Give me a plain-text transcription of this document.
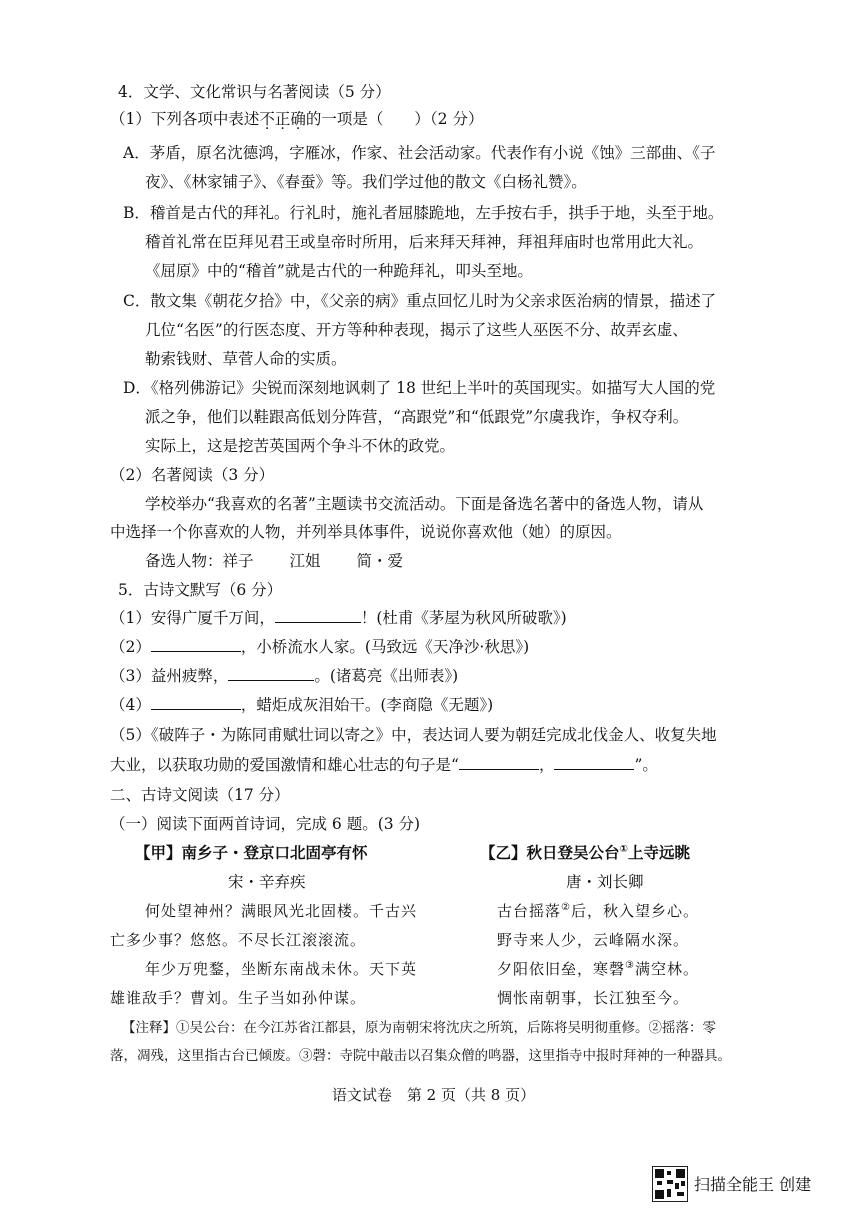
4．文学、文化常识与名著阅读（5 分）
（1）下列各项中表述不正确的一项是（　　）（2 分）
A．茅盾，原名沈德鸿，字雁冰，作家、社会活动家。代表作有小说《蚀》三部曲、《子
夜》、《林家铺子》、《春蚕》等。我们学过他的散文《白杨礼赞》。
B．稽首是古代的拜礼。行礼时，施礼者屈膝跪地，左手按右手，拱手于地，头至于地。
稽首礼常在臣拜见君王或皇帝时所用，后来拜天拜神，拜祖拜庙时也常用此大礼。
《屈原》中的“稽首”就是古代的一种跪拜礼，叩头至地。
C．散文集《朝花夕拾》中，《父亲的病》重点回忆儿时为父亲求医治病的情景，描述了
几位“名医”的行医态度、开方等种种表现，揭示了这些人巫医不分、故弄玄虚、
勒索钱财、草菅人命的实质。
D．《格列佛游记》尖锐而深刻地讽刺了 18 世纪上半叶的英国现实。如描写大人国的党
派之争，他们以鞋跟高低划分阵营，“高跟党”和“低跟党”尔虞我诈，争权夺利。
实际上，这是挖苦英国两个争斗不休的政党。
（2）名著阅读（3 分）
学校举办“我喜欢的名著”主题读书交流活动。下面是备选名著中的备选人物，请从
中选择一个你喜欢的人物，并列举具体事件，说说你喜欢他（她）的原因。
备选人物：祥子 江姐 简・爱
5．古诗文默写（6 分）
（1）安得广厦千万间，	！(杜甫《茅屋为秋风所破歌》)
（2）	，小桥流水人家。(马致远《天净沙·秋思》)
（3）益州疲弊，	。(诸葛亮《出师表》)
（4）	，蜡炬成灰泪始干。(李商隐《无题》)
（5）《破阵子・为陈同甫赋壮词以寄之》中，表达词人要为朝廷完成北伐金人、收复失地
大业，以获取功勋的爱国激情和雄心壮志的句子是“	，	”。
二、古诗文阅读（17 分）
（一）阅读下面两首诗词，完成 6 题。(3 分)
【甲】南乡子・登京口北固亭有怀
宋・辛弃疾
何处望神州？满眼风光北固楼。千古兴
亡多少事？悠悠。不尽长江滚滚流。
年少万兜鍪，坐断东南战未休。天下英
雄谁敌手？曹刘。生子当如孙仲谋。
【乙】秋日登吴公台①上寺远眺
唐・刘长卿
古台摇落②后，秋入望乡心。
野寺来人少，云峰隔水深。
夕阳依旧垒，寒磬③满空林。
惆怅南朝事，长江独至今。
【注释】①吴公台：在今江苏省江都县，原为南朝宋将沈庆之所筑，后陈将吴明彻重修。②摇落：零
落，凋残，这里指古台已倾废。③磬：寺院中敲击以召集众僧的鸣器，这里指寺中报时拜神的一种器具。
语文试卷　第 2 页（共 8 页）
扫描全能王 创建
